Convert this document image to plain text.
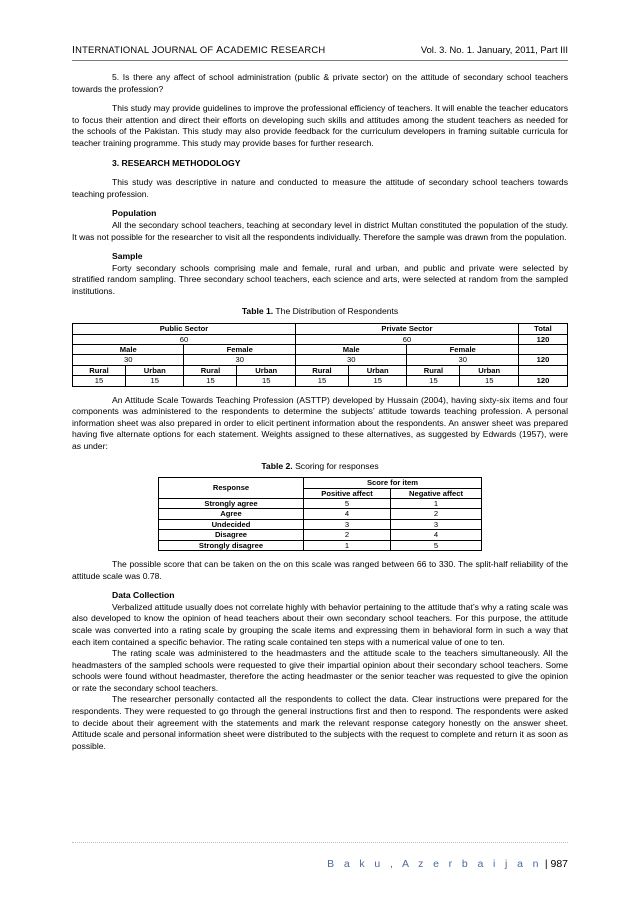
INTERNATIONAL JOURNAL OF ACADEMIC RESEARCH	Vol. 3. No. 1. January, 2011, Part III

5. Is there any affect of school administration (public & private sector) on the attitude of secondary school teachers towards the profession?

This study may provide guidelines to improve the professional efficiency of teachers. It will enable the teacher educators to focus their attention and direct their efforts on developing such skills and attitudes among the student teachers as needed for the schools of the Pakistan. This study may also provide feedback for the curriculum developers in framing suitable curricula for teacher training programme. This study may provide bases for further research.

3. RESEARCH METHODOLOGY

This study was descriptive in nature and conducted to measure the attitude of secondary school teachers towards teaching profession.

Population

All the secondary school teachers, teaching at secondary level in district Multan constituted the population of the study. It was not possible for the researcher to visit all the respondents individually. Therefore the sample was drawn from the population.

Sample

Forty secondary schools comprising male and female, rural and urban, and public and private were selected by stratified random sampling. Three secondary school teachers, each science and arts, were selected at random from the sampled institutions.

Table 1. The Distribution of Respondents

Public Sector				Private Sector				Total
60				60				120
Male		Female		Male		Female		
30		30		30		30		120
Rural	Urban	Rural	Urban	Rural	Urban	Rural	Urban	
15	15	15	15	15	15	15	15	120

An Attitude Scale Towards Teaching Profession (ASTTP) developed by Hussain (2004), having sixty-six items and four components was administered to the respondents to determine the subjects’ attitude towards teaching profession. A personal information sheet was also prepared in order to elicit pertinent information about the respondents. An answer sheet was prepared having five alternate options for each statement. Weights assigned to these alternatives, as suggested by Edwards (1957), were as under:

Table 2. Scoring for responses

Response	Score for item	
	Positive affect	Negative affect
Strongly agree	5	1
Agree	4	2
Undecided	3	3
Disagree	2	4
Strongly disagree	1	5

The possible score that can be taken on the on this scale was ranged between 66 to 330. The split-half reliability of the attitude scale was 0.78.

Data Collection

Verbalized attitude usually does not correlate highly with behavior pertaining to the attitude that’s why a rating scale was also developed to know the opinion of head teachers about their own secondary school teachers. For this purpose, the attitude scale was converted into a rating scale by grouping the scale items and expressing them in behavioral form in such a way that each item contained a specific behavior. The rating scale contained ten steps with a numerical value of one to ten.

The rating scale was administered to the headmasters and the attitude scale to the teachers simultaneously. All the headmasters of the sampled schools were requested to give their impartial opinion about their secondary school teachers. Some schools were found without headmaster, therefore the acting headmaster or the senior teacher was requested to give the opinion or rate the secondary school teachers.

The researcher personally contacted all the respondents to collect the data. Clear instructions were prepared for the respondents. They were requested to go through the general instructions first and then to respond. The respondents were asked to decide about their agreement with the statements and mark the relevant response category honestly on the answer sheet. Attitude scale and personal information sheet were distributed to the subjects with the request to complete and return it as soon as possible.

B a k u , A z e r b a i j a n | 987
